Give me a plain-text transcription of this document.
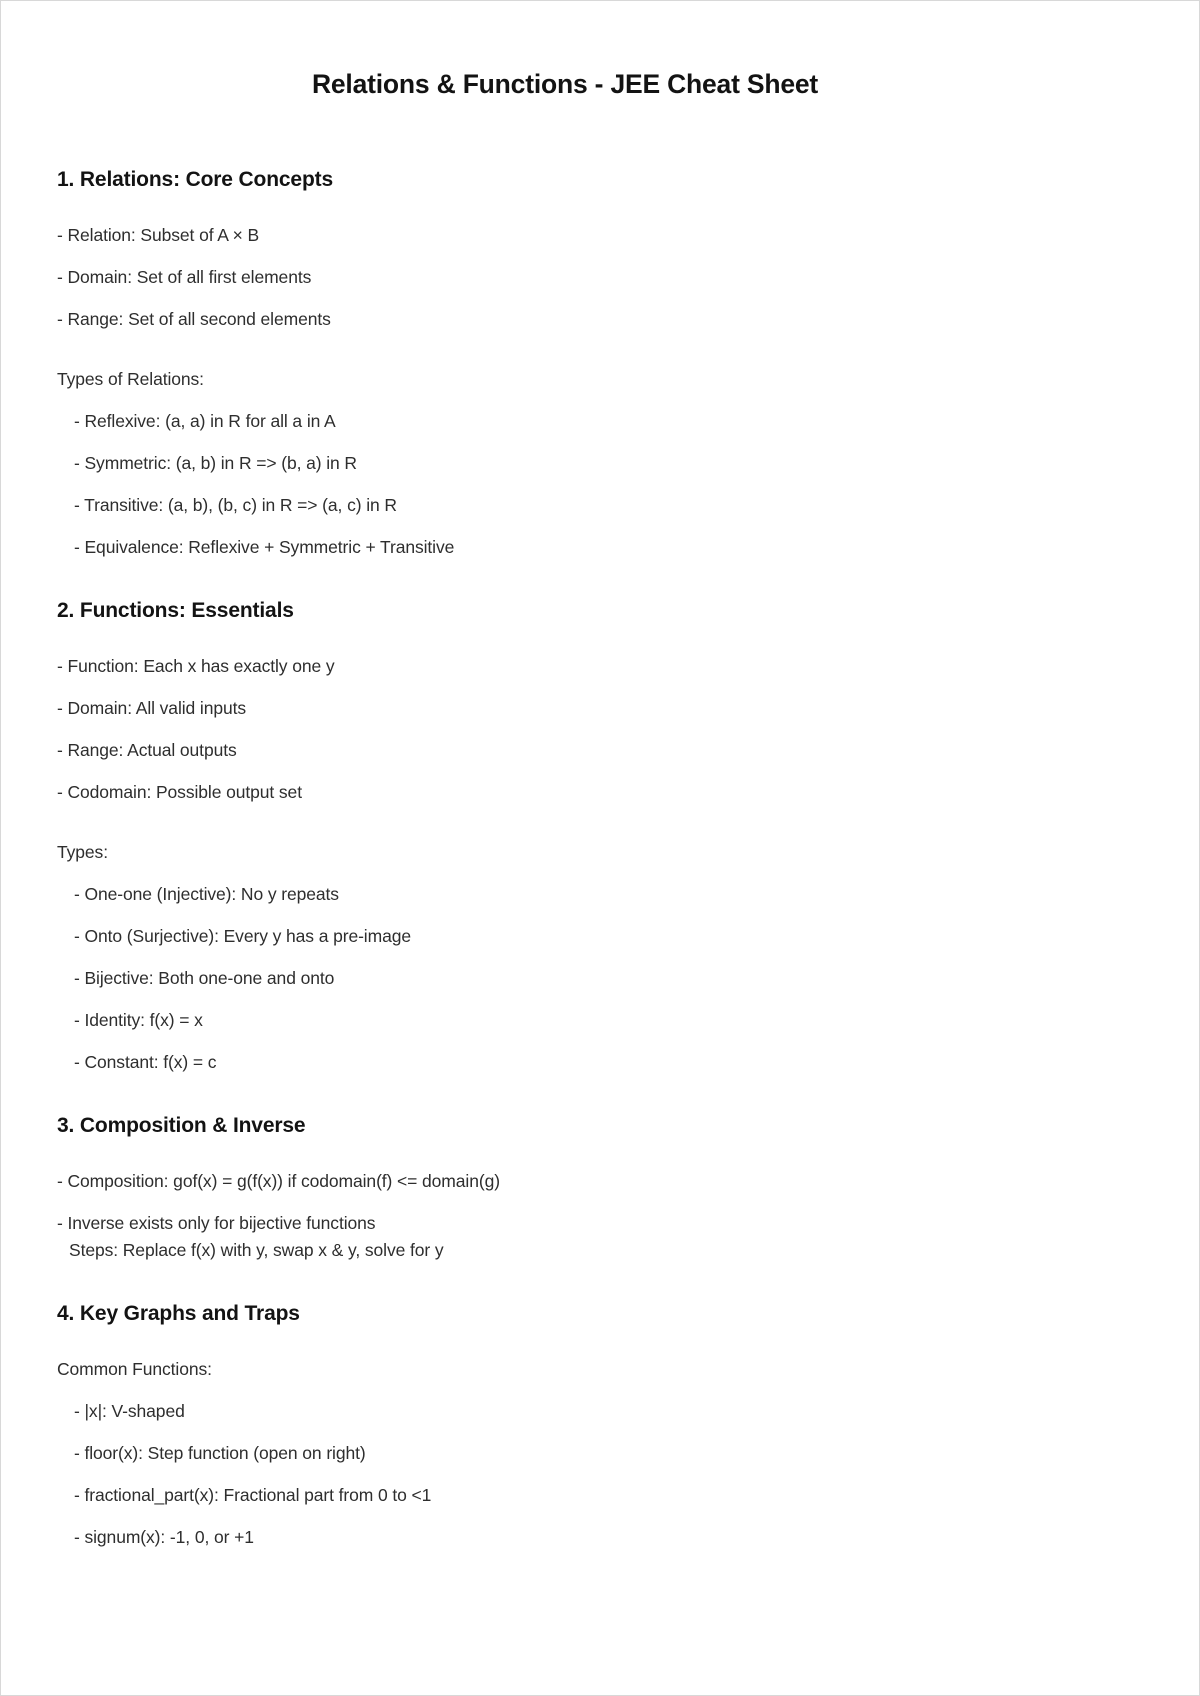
Relations & Functions - JEE Cheat Sheet
1. Relations: Core Concepts
- Relation: Subset of A × B
- Domain: Set of all first elements
- Range: Set of all second elements
Types of Relations:
- Reflexive: (a, a) in R for all a in A
- Symmetric: (a, b) in R => (b, a) in R
- Transitive: (a, b), (b, c) in R => (a, c) in R
- Equivalence: Reflexive + Symmetric + Transitive
2. Functions: Essentials
- Function: Each x has exactly one y
- Domain: All valid inputs
- Range: Actual outputs
- Codomain: Possible output set
Types:
- One-one (Injective): No y repeats
- Onto (Surjective): Every y has a pre-image
- Bijective: Both one-one and onto
- Identity: f(x) = x
- Constant: f(x) = c
3. Composition & Inverse
- Composition: gof(x) = g(f(x)) if codomain(f) <= domain(g)
- Inverse exists only for bijective functions
Steps: Replace f(x) with y, swap x & y, solve for y
4. Key Graphs and Traps
Common Functions:
- |x|: V-shaped
- floor(x): Step function (open on right)
- fractional_part(x): Fractional part from 0 to <1
- signum(x): -1, 0, or +1
